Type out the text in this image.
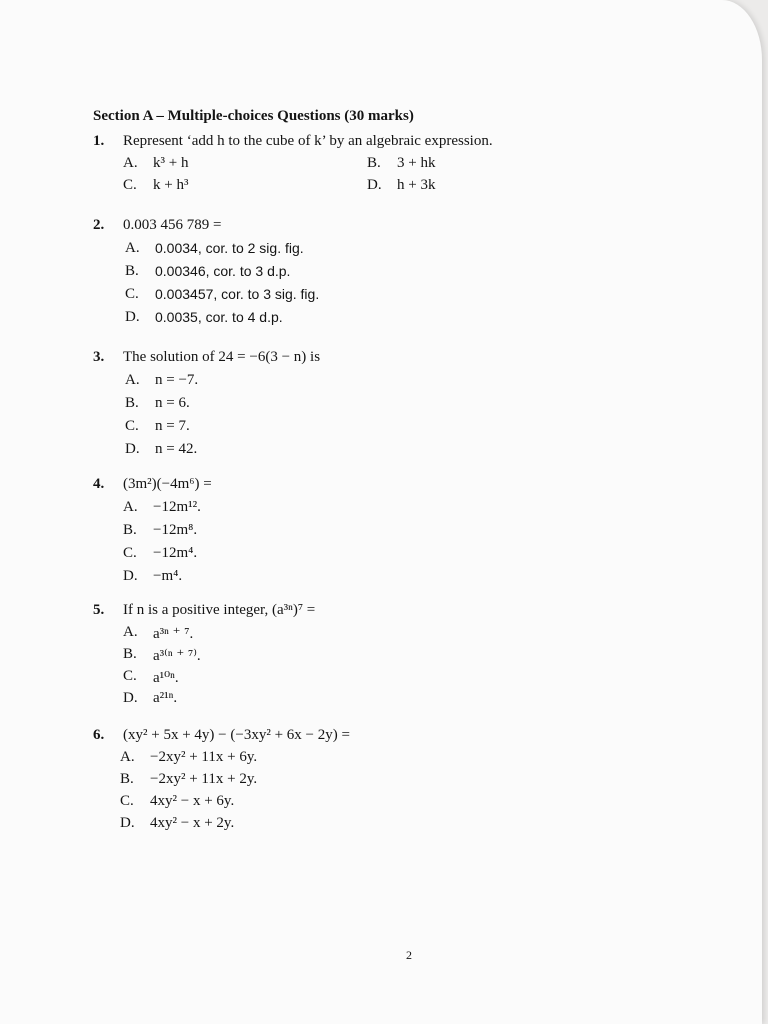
Section A – Multiple-choices Questions (30 marks)
1. Represent ‘add h to the cube of k’ by an algebraic expression.
A. k³ + h	B. 3 + hk
C. k + h³	D. h + 3k
2. 0.003 456 789 =
A. 0.0034, cor. to 2 sig. fig.
B. 0.00346, cor. to 3 d.p.
C. 0.003457, cor. to 3 sig. fig.
D. 0.0035, cor. to 4 d.p.
3. The solution of 24 = −6(3 − n) is
A. n = −7.
B. n = 6.
C. n = 7.
D. n = 42.
4. (3m²)(−4m⁶) =
A. −12m¹².
B. −12m⁸.
C. −12m⁴.
D. −m⁴.
5. If n is a positive integer, (a³ⁿ)⁷ =
A. a³ⁿ ⁺ ⁷.
B. a³⁽ⁿ ⁺ ⁷⁾.
C. a¹⁰ⁿ.
D. a²¹ⁿ.
6. (xy² + 5x + 4y) − (−3xy² + 6x − 2y) =
A. −2xy² + 11x + 6y.
B. −2xy² + 11x + 2y.
C. 4xy² − x + 6y.
D. 4xy² − x + 2y.
2
